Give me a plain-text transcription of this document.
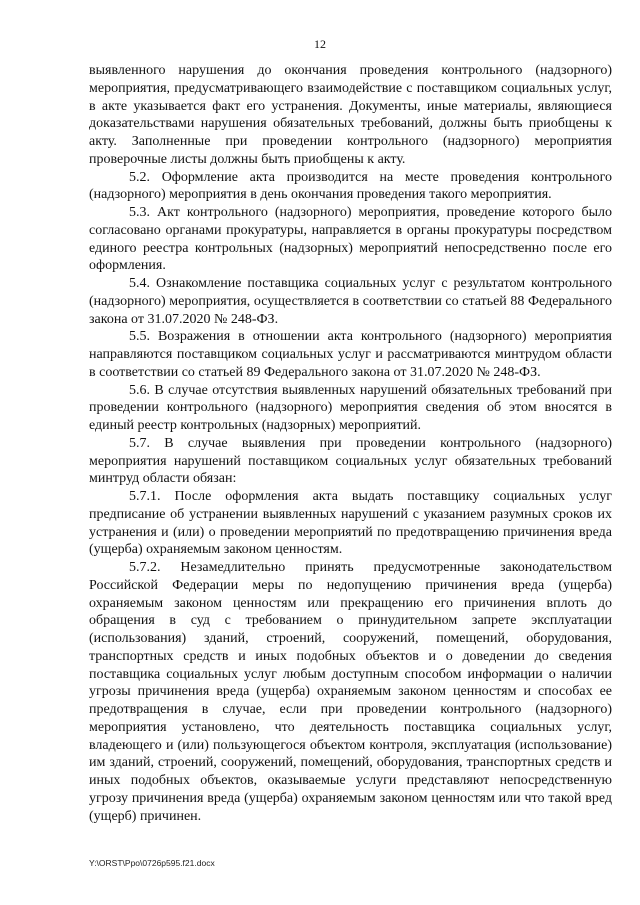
12

выявленного нарушения до окончания проведения контрольного (надзорного) мероприятия, предусматривающего взаимодействие с поставщиком социальных услуг, в акте указывается факт его устранения. Документы, иные материалы, являющиеся доказательствами нарушения обязательных требований, должны быть приобщены к акту. Заполненные при проведении контрольного (надзорного) мероприятия проверочные листы должны быть приобщены к акту.

5.2. Оформление акта производится на месте проведения контрольного (надзорного) мероприятия в день окончания проведения такого мероприятия.

5.3. Акт контрольного (надзорного) мероприятия, проведение которого было согласовано органами прокуратуры, направляется в органы прокуратуры посредством единого реестра контрольных (надзорных) мероприятий непосредственно после его оформления.

5.4. Ознакомление поставщика социальных услуг с результатом контрольного (надзорного) мероприятия, осуществляется в соответствии со статьей 88 Федерального закона от 31.07.2020 № 248-ФЗ.

5.5. Возражения в отношении акта контрольного (надзорного) мероприятия направляются поставщиком социальных услуг и рассматриваются минтрудом области в соответствии со статьей 89 Федерального закона от 31.07.2020 № 248-ФЗ.

5.6. В случае отсутствия выявленных нарушений обязательных требований при проведении контрольного (надзорного) мероприятия сведения об этом вносятся в единый реестр контрольных (надзорных) мероприятий.

5.7. В случае выявления при проведении контрольного (надзорного) мероприятия нарушений поставщиком социальных услуг обязательных требований минтруд области обязан:

5.7.1. После оформления акта выдать поставщику социальных услуг предписание об устранении выявленных нарушений с указанием разумных сроков их устранения и (или) о проведении мероприятий по предотвращению причинения вреда (ущерба) охраняемым законом ценностям.

5.7.2. Незамедлительно принять предусмотренные законодательством Российской Федерации меры по недопущению причинения вреда (ущерба) охраняемым законом ценностям или прекращению его причинения вплоть до обращения в суд с требованием о принудительном запрете эксплуатации (использования) зданий, строений, сооружений, помещений, оборудования, транспортных средств и иных подобных объектов и о доведении до сведения поставщика социальных услуг любым доступным способом информации о наличии угрозы причинения вреда (ущерба) охраняемым законом ценностям и способах ее предотвращения в случае, если при проведении контрольного (надзорного) мероприятия установлено, что деятельность поставщика социальных услуг, владеющего и (или) пользующегося объектом контроля, эксплуатация (использование) им зданий, строений, сооружений, помещений, оборудования, транспортных средств и иных подобных объектов, оказываемые услуги представляют непосредственную угрозу причинения вреда (ущерба) охраняемым законом ценностям или что такой вред (ущерб) причинен.

Y:\ORST\Ppo\0726p595.f21.docx
